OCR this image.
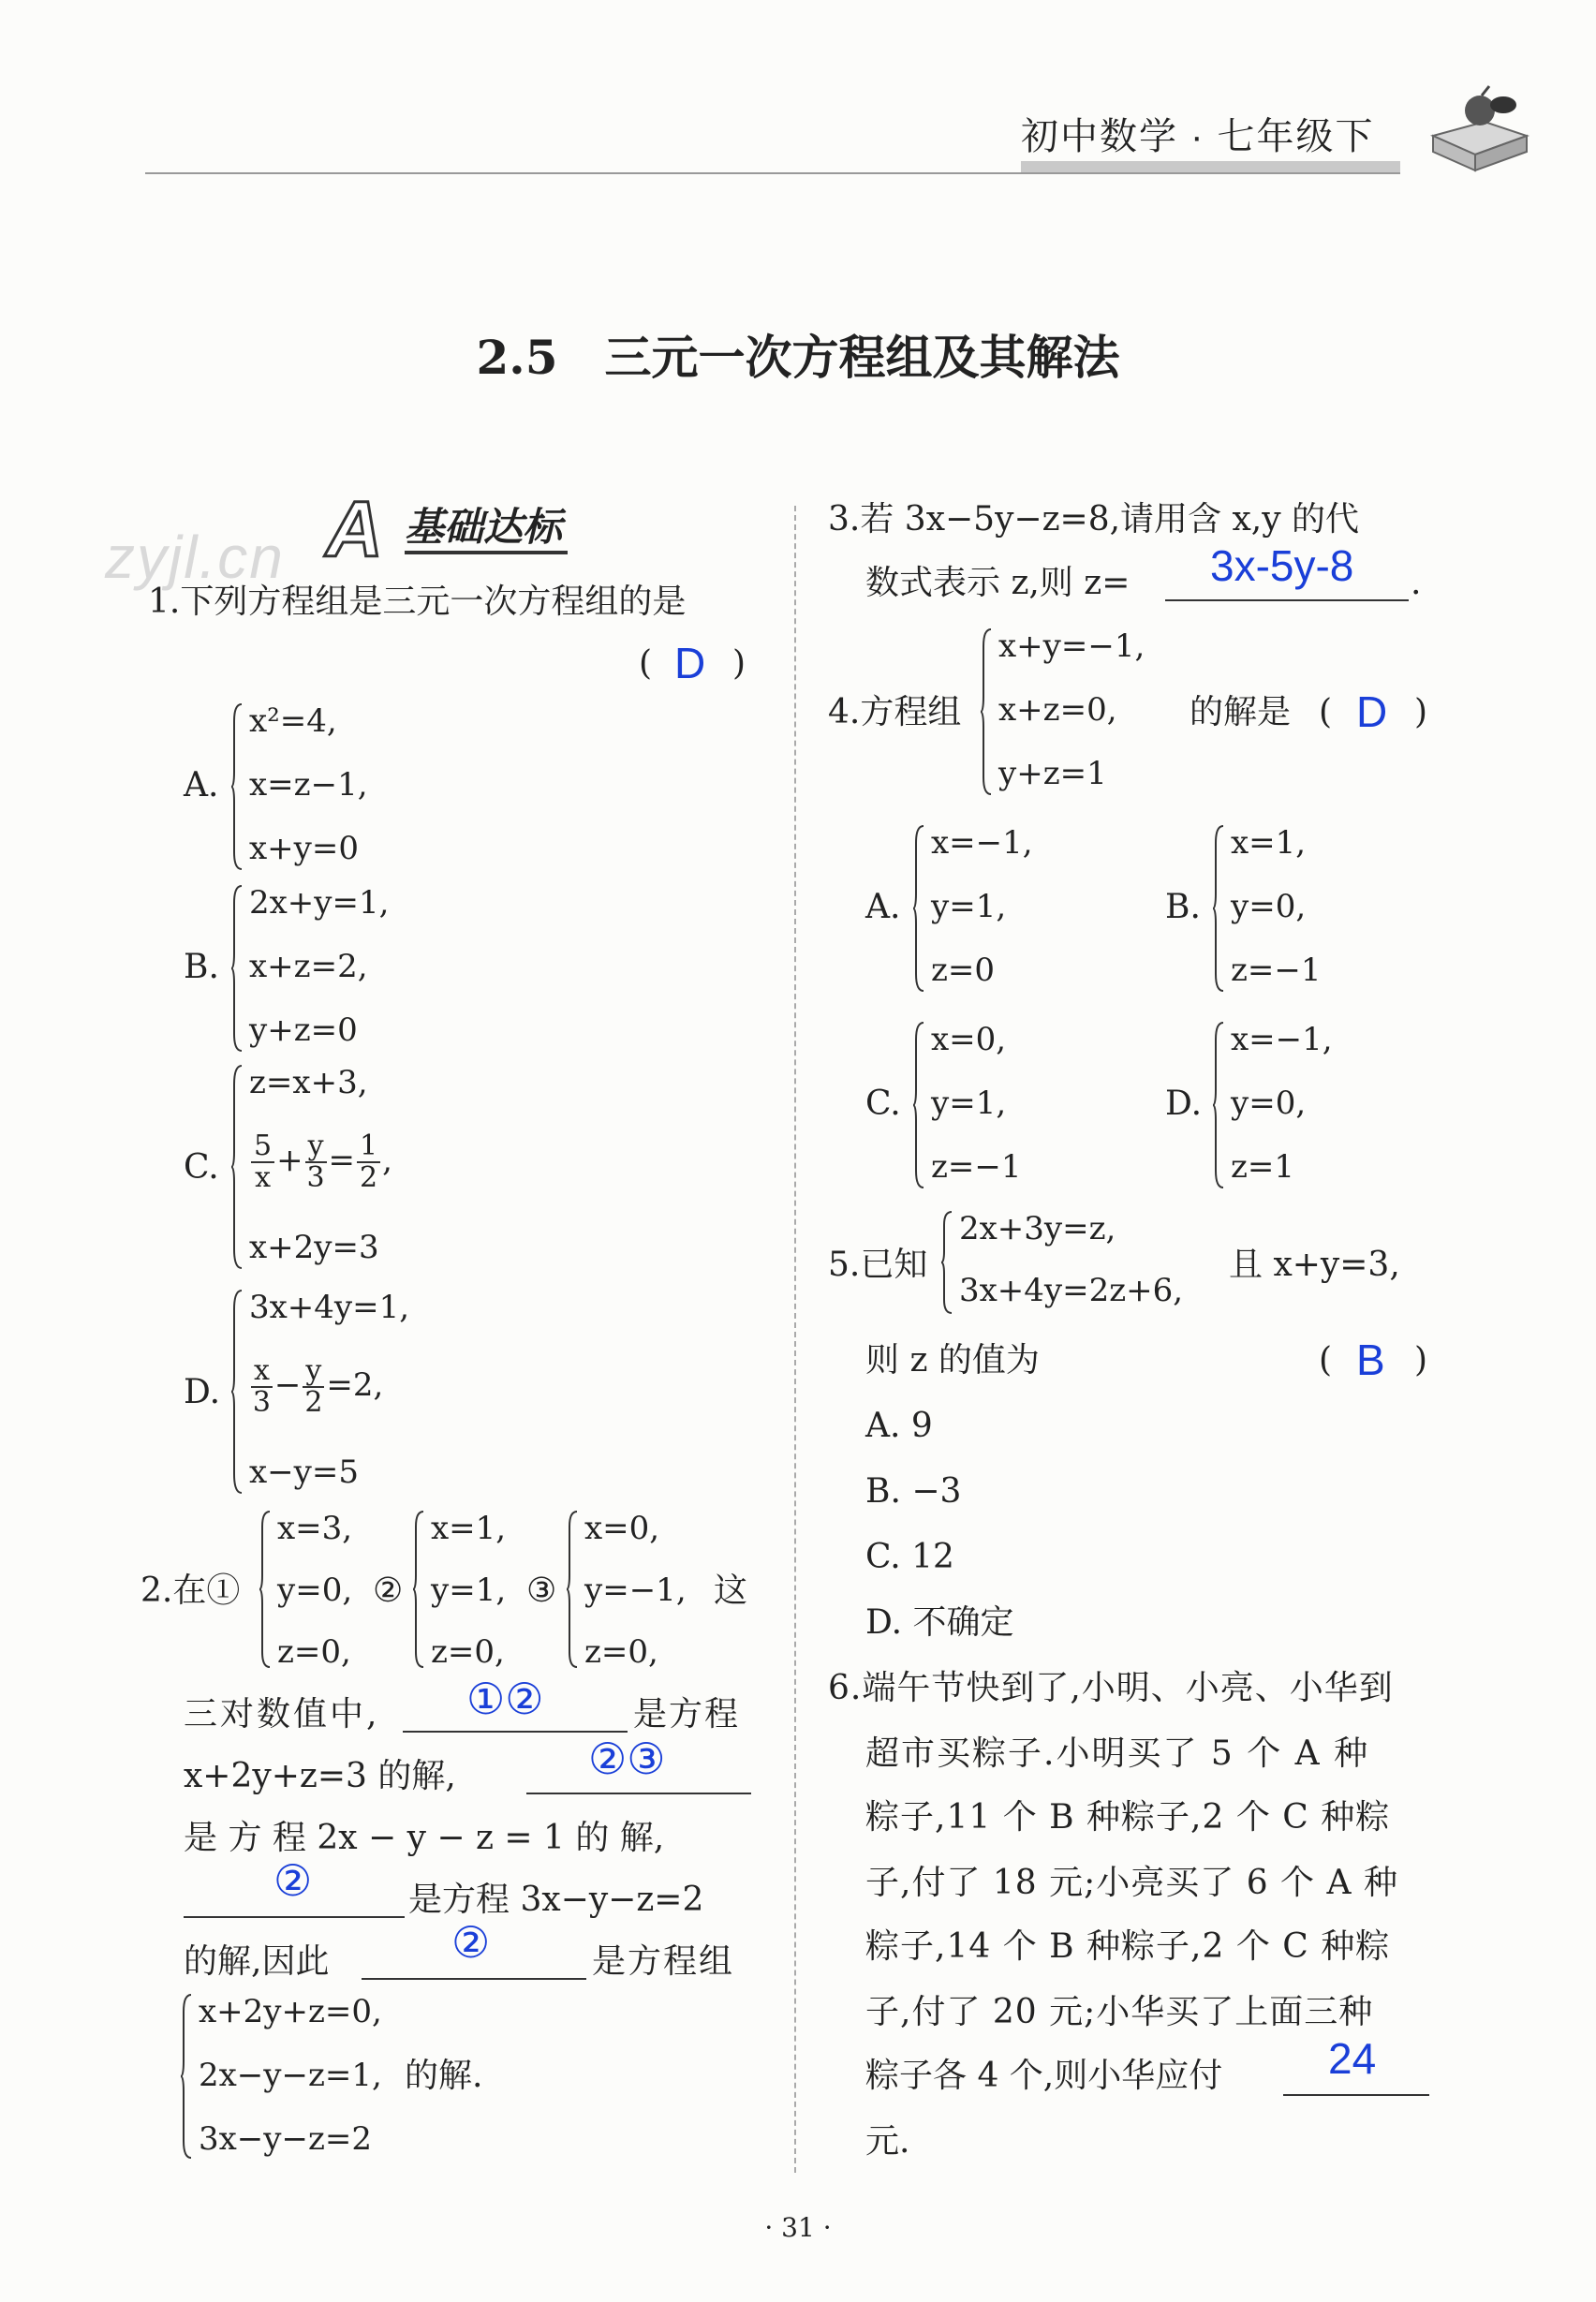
初中数学 · 七年级下
2.5　三元一次方程组及其解法
zyjl.cn A 基础达标
1.下列方程组是三元一次方程组的是
( D )
A.
x²=4,
x=z−1,
x+y=0
B.
2x+y=1,
x+z=2,
y+z=0
C.
z=x+3,
$\frac{5}{x} + \frac{y}{3} = \frac{1}{2}$ ,
x+2y=3
D.
3x+4y=1,
$\frac{x}{3} - \frac{y}{2} =2$,
x−y=5
2.在①
x=3,
y=0,
z=0,
②
x=1,
y=1,
z=0,
③
x=0,
y=−1,
z=0,
这
三对数值中, ①②	是方程
x+2y+z=3 的解,	②③
是 方 程 2x − y − z = 1 的 解,
②	是方程 3x−y−z=2
的解,因此	②	是方程组
x+2y+z=0,
2x−y−z=1,
3x−y−z=2
的解.
3.若 3x−5y−z=8,请用含 x,y 的代
数式表示 z,则 z= 3x-5y-8 .
4.方程组
x+y=−1,
x+z=0,
y+z=1
的解是 ( D )
A.
x=−1,
y=1,
z=0
B.
x=1,
y=0,
z=−1
C.
x=0,
y=1,
z=−1
D.
x=−1,
y=0,
z=1
5.已知
2x+3y=z,
3x+4y=2z+6,
且 x+y=3,
则 z 的值为	( B )
A. 9
B. −3
C. 12
D. 不确定
6.端午节快到了,小明、小亮、小华到
超市买粽子.小明买了 5 个 A 种
粽子,11 个 B 种粽子,2 个 C 种粽
子,付了 18 元;小亮买了 6 个 A 种
粽子,14 个 B 种粽子,2 个 C 种粽
子,付了 20 元;小华买了上面三种
粽子各 4 个,则小华应付 24
元.
· 31 ·
